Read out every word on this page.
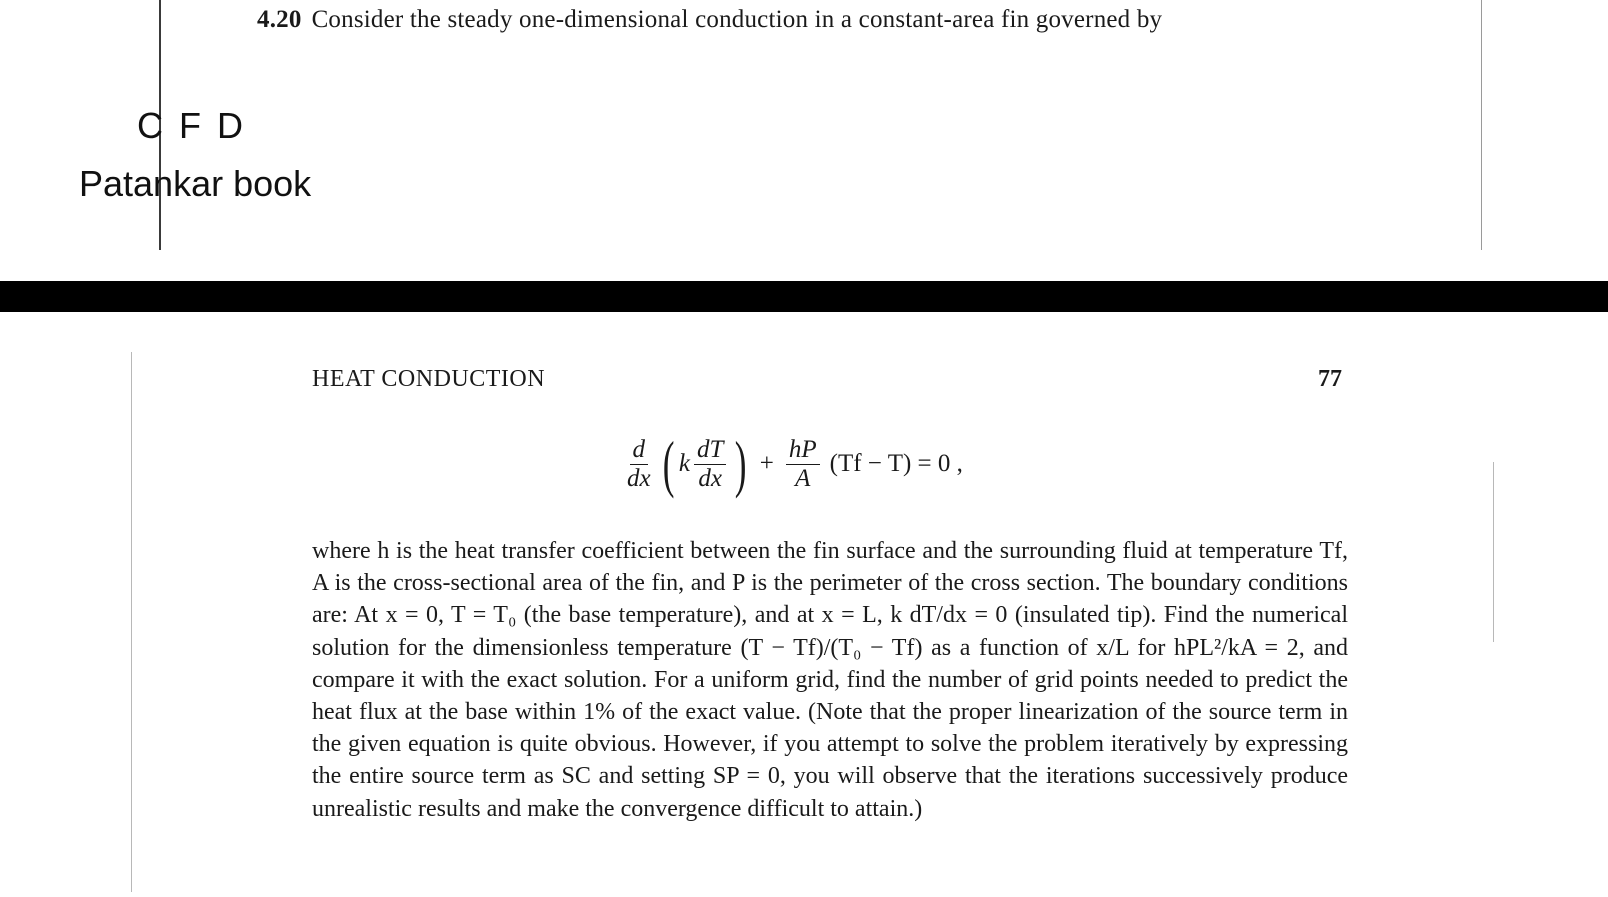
4.20 Consider the steady one-dimensional conduction in a constant-area fin governed by
C F D
Patankar book
HEAT CONDUCTION	77
$\frac{d}{dx}$ ( k $\frac{dT}{dx}$ ) + $\frac{hP}{A} (Tf - T) = 0$ ,

where h is the heat transfer coefficient between the fin surface and the surrounding fluid at temperature Tf, A is the cross-sectional area of the fin, and P is the perimeter of the cross section. The boundary conditions are: At x = 0, T = T₀ (the base temperature), and at x = L, k dT/dx = 0 (insulated tip). Find the numerical solution for the dimensionless temperature (T − Tf)/(T₀ − Tf) as a function of x/L for hPL²/kA = 2, and compare it with the exact solution. For a uniform grid, find the number of grid points needed to predict the heat flux at the base within 1% of the exact value. (Note that the proper linearization of the source term in the given equation is quite obvious. However, if you attempt to solve the problem iteratively by expressing the entire source term as SC and setting SP = 0, you will observe that the iterations successively produce unrealistic results and make the convergence difficult to attain.)
